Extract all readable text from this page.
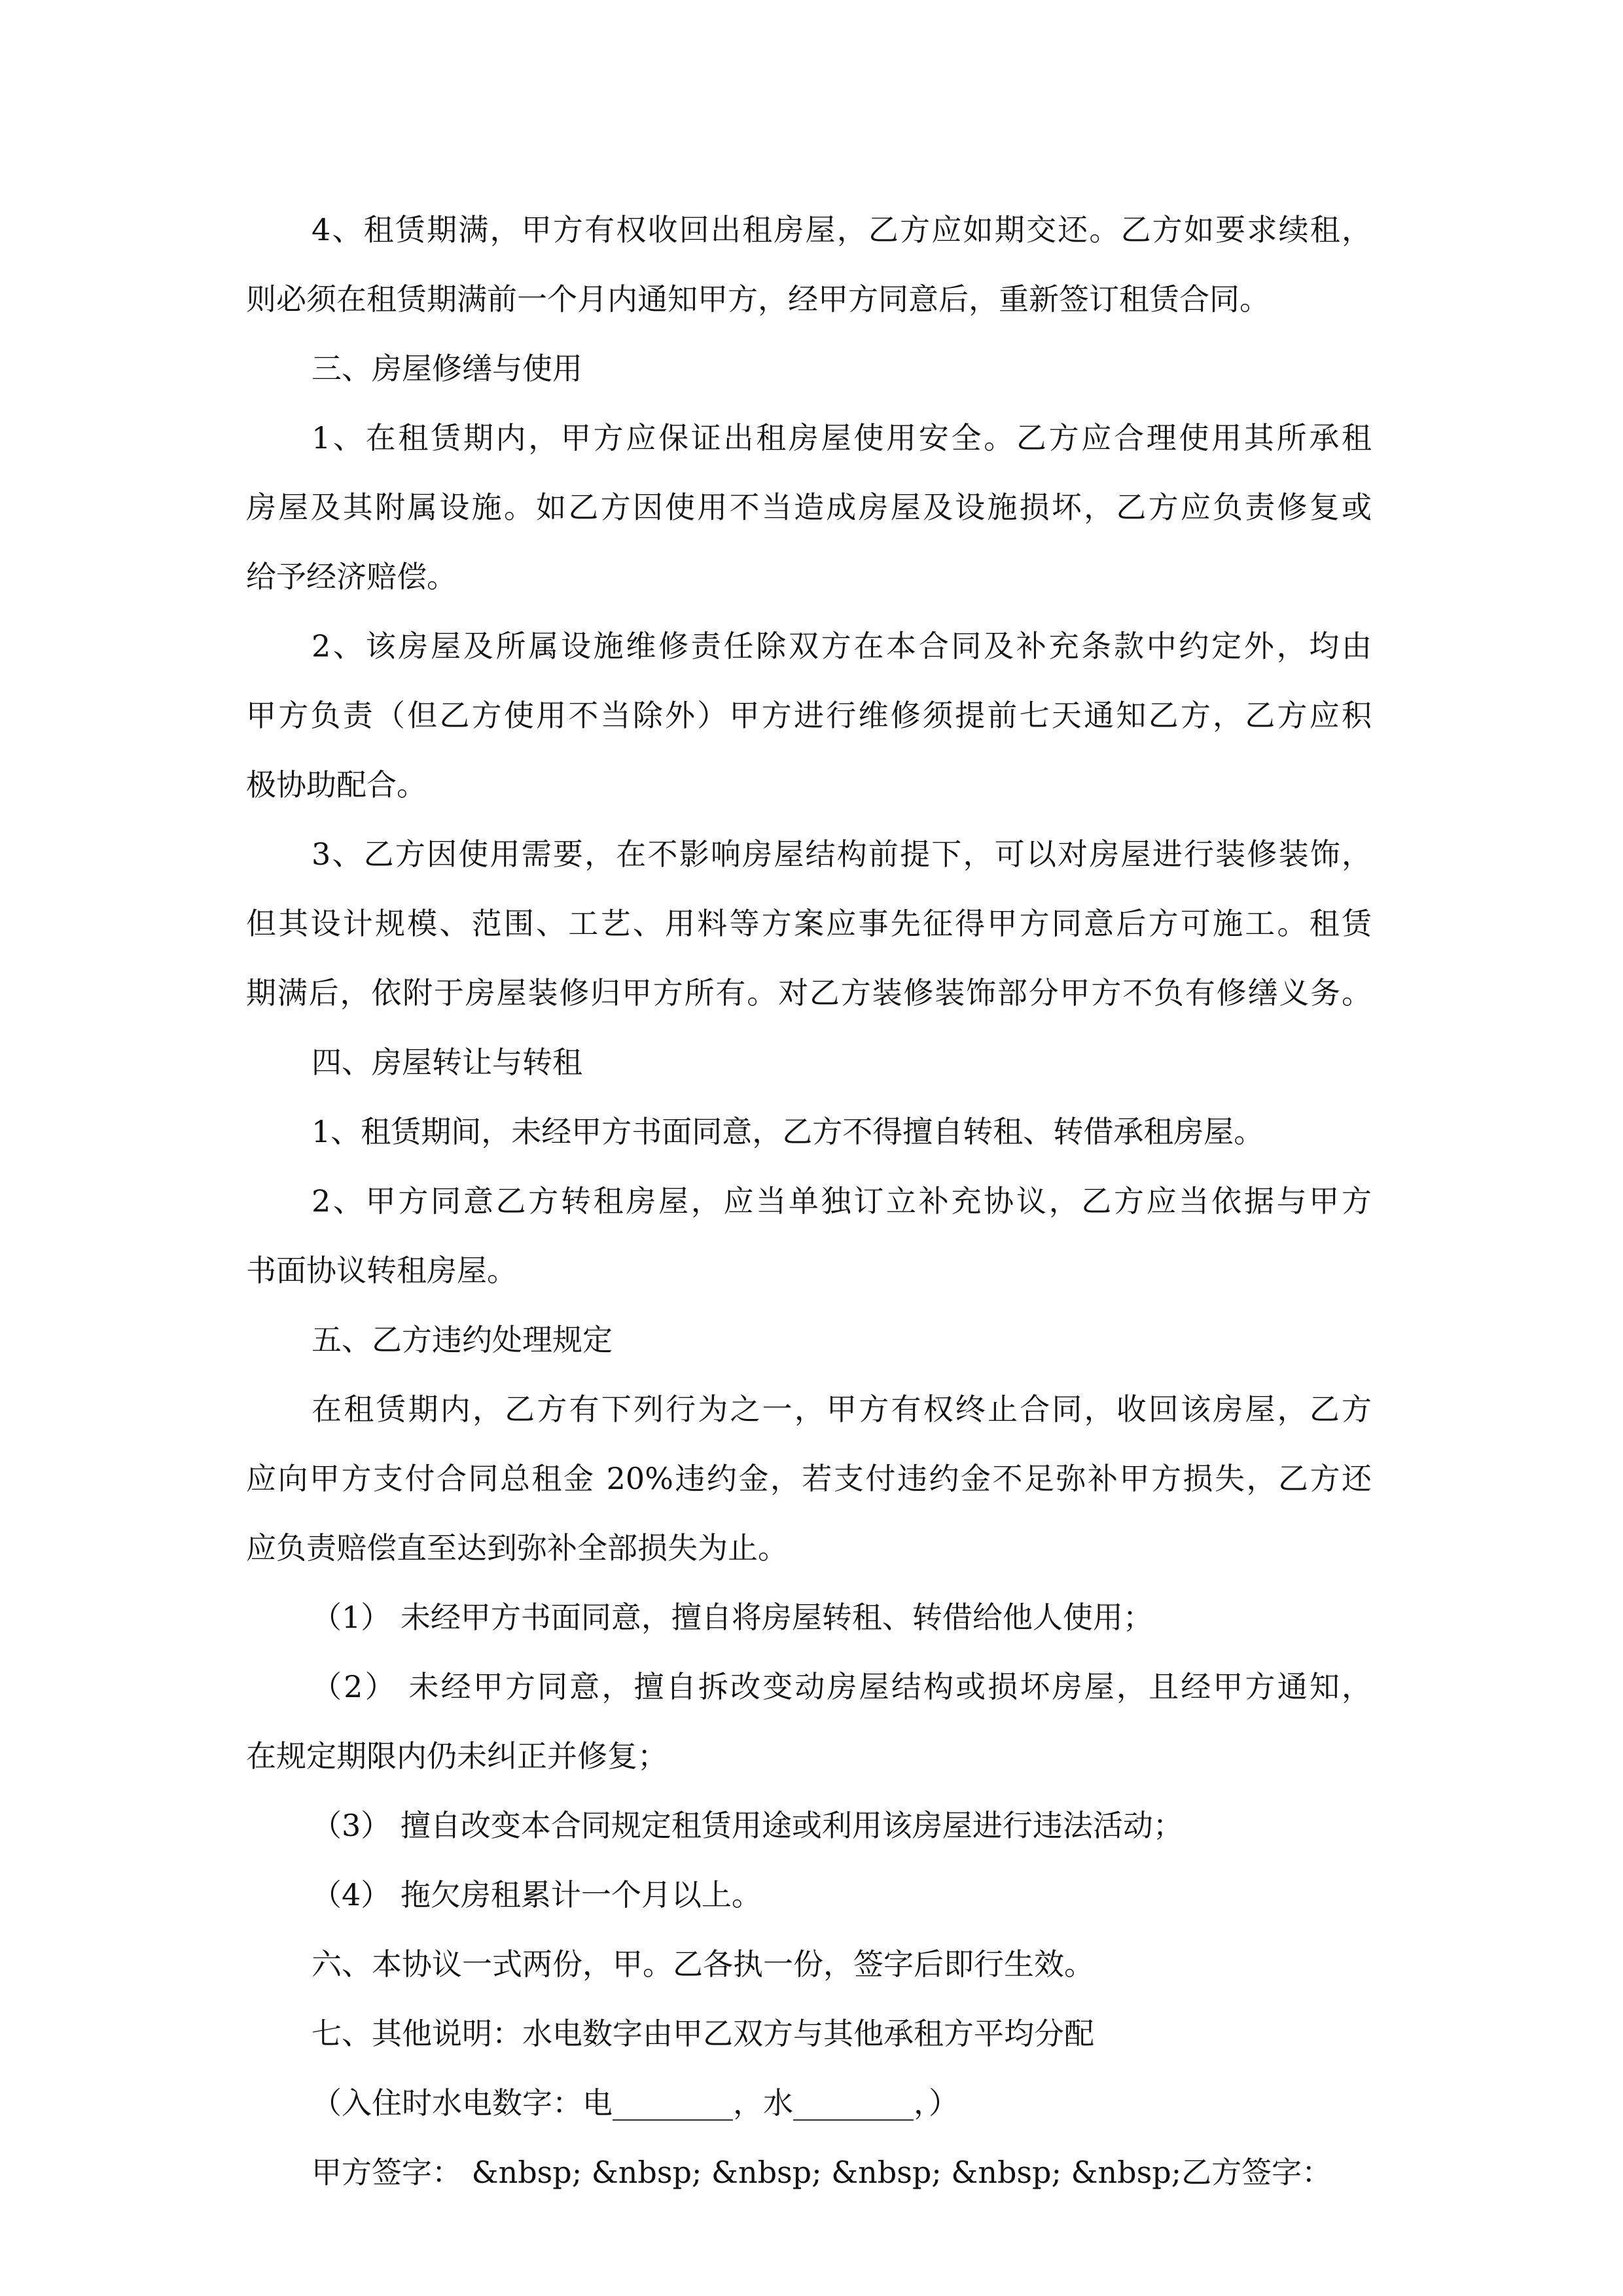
4、租赁期满，甲方有权收回出租房屋，乙方应如期交还。乙方如要求续租，
则必须在租赁期满前一个月内通知甲方，经甲方同意后，重新签订租赁合同。
三、房屋修缮与使用
1、在租赁期内，甲方应保证出租房屋使用安全。乙方应合理使用其所承租
房屋及其附属设施。如乙方因使用不当造成房屋及设施损坏，乙方应负责修复或
给予经济赔偿。
2、该房屋及所属设施维修责任除双方在本合同及补充条款中约定外，均由
甲方负责（但乙方使用不当除外）甲方进行维修须提前七天通知乙方，乙方应积
极协助配合。
3、乙方因使用需要，在不影响房屋结构前提下，可以对房屋进行装修装饰，
但其设计规模、范围、工艺、用料等方案应事先征得甲方同意后方可施工。租赁
期满后，依附于房屋装修归甲方所有。对乙方装修装饰部分甲方不负有修缮义务。
四、房屋转让与转租
1、租赁期间，未经甲方书面同意，乙方不得擅自转租、转借承租房屋。
2、甲方同意乙方转租房屋，应当单独订立补充协议，乙方应当依据与甲方
书面协议转租房屋。
五、乙方违约处理规定
在租赁期内，乙方有下列行为之一，甲方有权终止合同，收回该房屋，乙方
应向甲方支付合同总租金 20%违约金，若支付违约金不足弥补甲方损失，乙方还
应负责赔偿直至达到弥补全部损失为止。
（1） 未经甲方书面同意，擅自将房屋转租、转借给他人使用；
（2） 未经甲方同意，擅自拆改变动房屋结构或损坏房屋，且经甲方通知，
在规定期限内仍未纠正并修复；
（3） 擅自改变本合同规定租赁用途或利用该房屋进行违法活动；
（4） 拖欠房租累计一个月以上。
六、本协议一式两份，甲。乙各执一份，签字后即行生效。
七、其他说明：水电数字由甲乙双方与其他承租方平均分配
（入住时水电数字：电________，水________，）
甲方签字： &nbsp; &nbsp; &nbsp; &nbsp; &nbsp; &nbsp;乙方签字：
